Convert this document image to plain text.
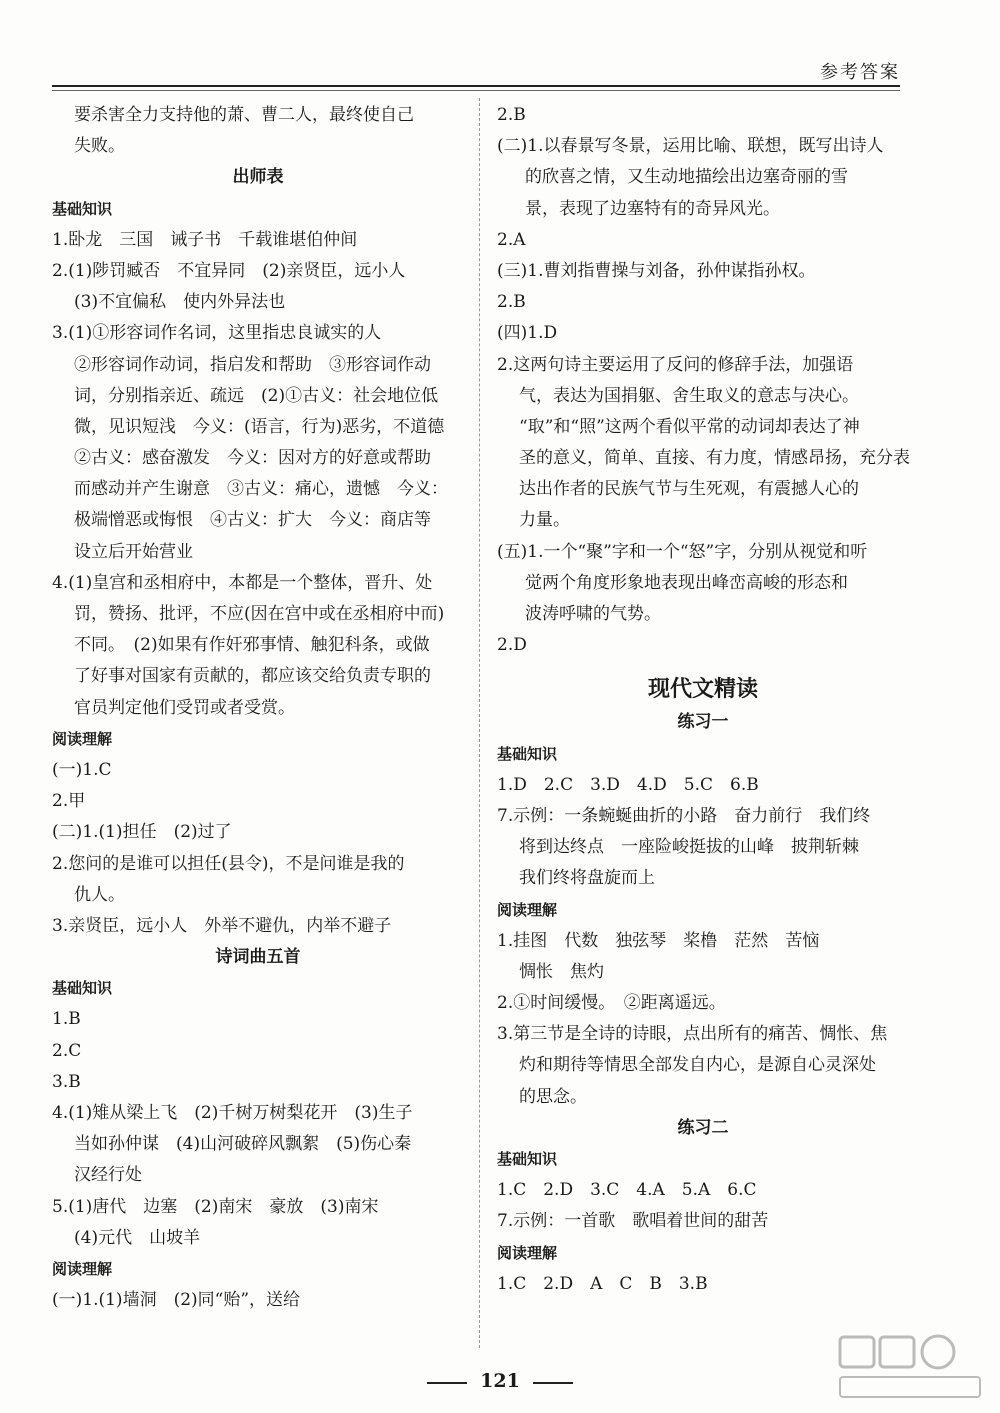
参考答案
要杀害全力支持他的萧、曹二人，最终使自己
失败。
出师表
基础知识
1.卧龙　三国　诫子书　千载谁堪伯仲间
2.(1)陟罚臧否　不宜异同　(2)亲贤臣，远小人
(3)不宜偏私　使内外异法也
3.(1)①形容词作名词，这里指忠良诚实的人
②形容词作动词，指启发和帮助　③形容词作动
词，分别指亲近、疏远　(2)①古义：社会地位低
微，见识短浅　今义：(语言，行为)恶劣，不道德
②古义：感奋激发　今义：因对方的好意或帮助
而感动并产生谢意　③古义：痛心，遗憾　今义：
极端憎恶或悔恨　④古义：扩大　今义：商店等
设立后开始营业
4.(1)皇宫和丞相府中，本都是一个整体，晋升、处
罚，赞扬、批评，不应(因在宫中或在丞相府中而)
不同。　(2)如果有作奸邪事情、触犯科条，或做
了好事对国家有贡献的，都应该交给负责专职的
官员判定他们受罚或者受赏。
阅读理解
(一)1.C
2.甲
(二)1.(1)担任　(2)过了
2.您问的是谁可以担任(县令)，不是问谁是我的
仇人。
3.亲贤臣，远小人　外举不避仇，内举不避子
诗词曲五首
基础知识
1.B
2.C
3.B
4.(1)雉从梁上飞　(2)千树万树梨花开　(3)生子
当如孙仲谋　(4)山河破碎风飘絮　(5)伤心秦
汉经行处
5.(1)唐代　边塞　(2)南宋　豪放　(3)南宋
(4)元代　山坡羊
阅读理解
(一)1.(1)墙洞　(2)同“贻”，送给
2.B
(二)1.以春景写冬景，运用比喻、联想，既写出诗人
的欣喜之情，又生动地描绘出边塞奇丽的雪
景，表现了边塞特有的奇异风光。
2.A
(三)1.曹刘指曹操与刘备，孙仲谋指孙权。
2.B
(四)1.D
2.这两句诗主要运用了反问的修辞手法，加强语
气，表达为国捐躯、舍生取义的意志与决心。
“取”和“照”这两个看似平常的动词却表达了神
圣的意义，简单、直接、有力度，情感昂扬，充分表
达出作者的民族气节与生死观，有震撼人心的
力量。
(五)1.一个“聚”字和一个“怒”字，分别从视觉和听
觉两个角度形象地表现出峰峦高峻的形态和
波涛呼啸的气势。
2.D
现代文精读
练习一
基础知识
1.D　2.C　3.D　4.D　5.C　6.B
7.示例：一条蜿蜒曲折的小路　奋力前行　我们终
将到达终点　一座险峻挺拔的山峰　披荆斩棘
我们终将盘旋而上
阅读理解
1.挂图　代数　独弦琴　桨橹　茫然　苦恼
惆怅　焦灼
2.①时间缓慢。　②距离遥远。
3.第三节是全诗的诗眼，点出所有的痛苦、惆怅、焦
灼和期待等情思全部发自内心，是源自心灵深处
的思念。
练习二
基础知识
1.C　2.D　3.C　4.A　5.A　6.C
7.示例：一首歌　歌唱着世间的甜苦
阅读理解
1.C　2.D　A　C　B　3.B
121
